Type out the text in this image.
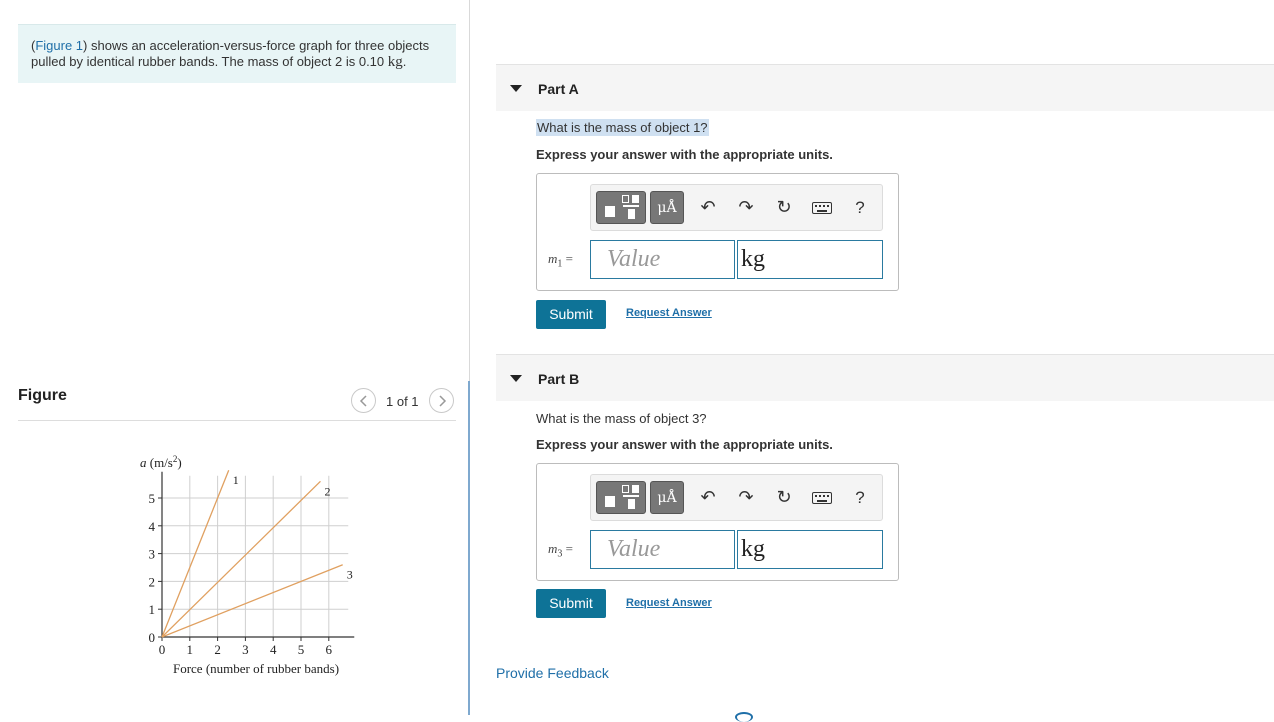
(Figure 1) shows an acceleration-versus-force graph for three objects pulled by identical rubber bands. The mass of object 2 is 0.10 kg.
Figure	1 of 1
0 1 2 3 4 5 6
0
1
2
3
4
5
1
2
3
a $(m/s^2)$
Force (number of rubber bands)
Part A
What is the mass of object 1?
Express your answer with the appropriate units.
μÅ	↶	↷	↻	?
$m_1$ =	Value	kg
Submit	Request Answer
Part B
What is the mass of object 3?
Express your answer with the appropriate units.
μÅ	↶	↷	↻	?
$m_3$ =	Value	kg
Submit	Request Answer
Provide Feedback
